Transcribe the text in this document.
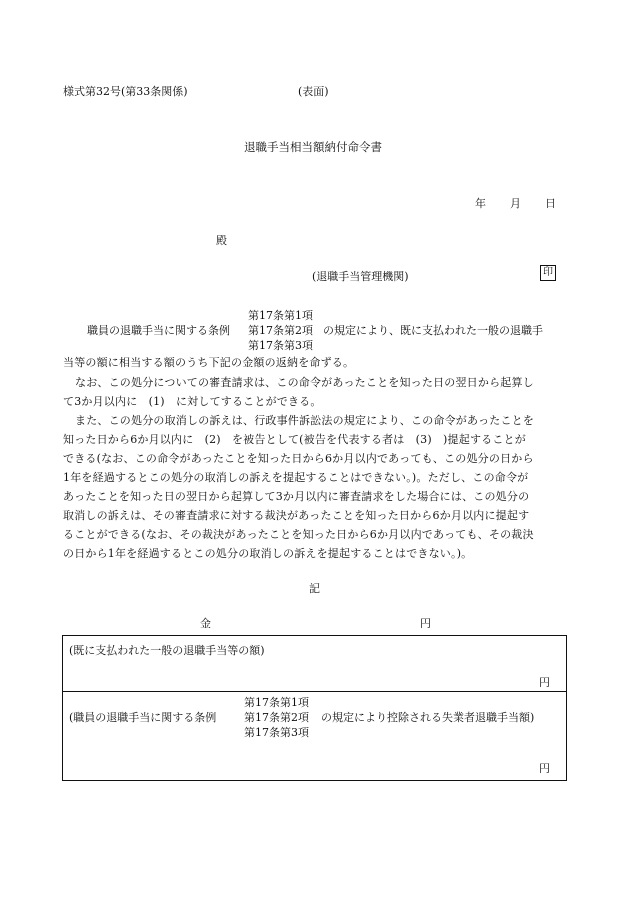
様式第32号(第33条関係)	(表面)
退職手当相当額納付命令書
年 月 日
殿
(退職手当管理機関)	印
第17条第1項
職員の退職手当に関する条例 第17条第2項 の規定により、既に支払われた一般の退職手
第17条第3項
当等の額に相当する額のうち下記の金額の返納を命ずる。
なお、この処分についての審査請求は、この命令があったことを知った日の翌日から起算し
て3か月以内に　(1)　に対してすることができる。
また、この処分の取消しの訴えは、行政事件訴訟法の規定により、この命令があったことを
知った日から6か月以内に　(2)　を被告として(被告を代表する者は　(3)　)提起することが
できる(なお、この命令があったことを知った日から6か月以内であっても、この処分の日から
1年を経過するとこの処分の取消しの訴えを提起することはできない。)。ただし、この命令が
あったことを知った日の翌日から起算して3か月以内に審査請求をした場合には、この処分の
取消しの訴えは、その審査請求に対する裁決があったことを知った日から6か月以内に提起す
ることができる(なお、その裁決があったことを知った日から6か月以内であっても、その裁決
の日から1年を経過するとこの処分の取消しの訴えを提起することはできない。)。
記
金	円
(既に支払われた一般の退職手当等の額)
円

第17条第1項
(職員の退職手当に関する条例	第17条第2項 の規定により控除される失業者退職手当額)
第17条第3項
円
